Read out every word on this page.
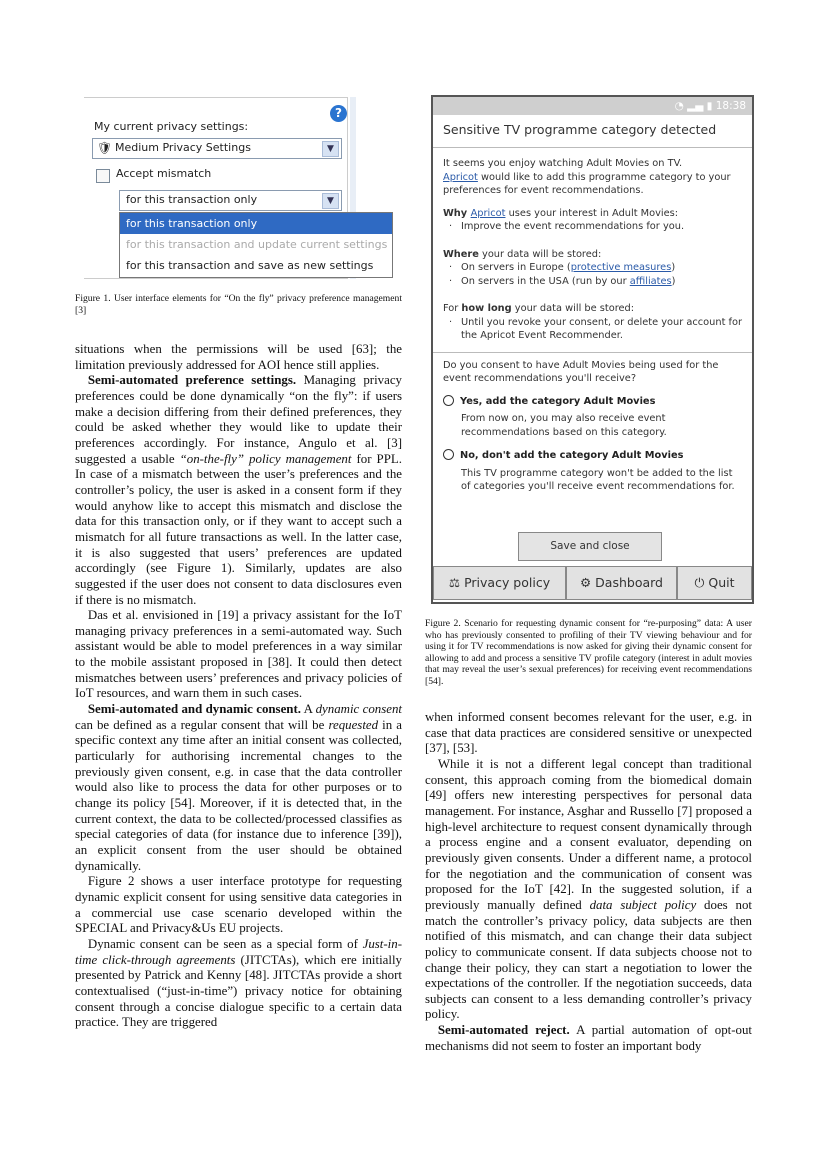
?
My current privacy settings:
🛡 Medium Privacy Settings	▼
Accept mismatch
for this transaction only	▼
for this transaction only
for this transaction and update current settings
for this transaction and save as new settings
Figure 1. User interface elements for “On the fly” privacy preference management [3]
◔ ▂▄ ▮ 18:38
Sensitive TV programme category detected
It seems you enjoy watching Adult Movies on TV.
Apricot would like to add this programme category to your preferences for event recommendations.
Why Apricot uses your interest in Adult Movies:
· Improve the event recommendations for you.
Where your data will be stored:
· On servers in Europe (protective measures)
· On servers in the USA (run by our affiliates)
For how long your data will be stored:
· Until you revoke your consent, or delete your account for the Apricot Event Recommender.
Do you consent to have Adult Movies being used for the event recommendations you'll receive?
Yes, add the category Adult Movies
From now on, you may also receive event recommendations based on this category.
No, don't add the category Adult Movies
This TV programme category won't be added to the list of categories you'll receive event recommendations for.
Save and close
⚖ Privacy policy	⚙ Dashboard	⏻ Quit
Figure 2. Scenario for requesting dynamic consent for “re-purposing” data: A user who has previously consented to profiling of their TV viewing behaviour and for using it for TV recommendations is now asked for giving their dynamic consent for allowing to add and process a sensitive TV profile category (interest in adult movies that may reveal the user’s sexual preferences) for receiving event recommendations [54].

situations when the permissions will be used [63]; the limitation previously addressed for AOI hence still applies.

Semi-automated preference settings. Managing privacy preferences could be done dynamically “on the fly”: if users make a decision differing from their defined preferences, they could be asked whether they would like to update their preferences accordingly. For instance, Angulo et al. [3] suggested a usable “on-the-fly” policy management for PPL. In case of a mismatch between the user’s preferences and the controller’s policy, the user is asked in a consent form if they would anyhow like to accept this mismatch and disclose the data for this transaction only, or if they want to accept such a mismatch for all future transactions as well. In the latter case, it is also suggested that users’ preferences are updated accordingly (see Figure 1). Similarly, updates are also suggested if the user does not consent to data disclosures even if there is no mismatch.

Das et al. envisioned in [19] a privacy assistant for the IoT managing privacy preferences in a semi-automated way. Such assistant would be able to model preferences in a way similar to the mobile assistant proposed in [38]. It could then detect mismatches between users’ preferences and privacy policies of IoT resources, and warn them in such cases.

Semi-automated and dynamic consent. A dynamic consent can be defined as a regular consent that will be requested in a specific context any time after an initial consent was collected, particularly for authorising incremental changes to the previously given consent, e.g. in case that the data controller would also like to process the data for other purposes or to change its policy [54]. Moreover, if it is detected that, in the current context, the data to be collected/processed classifies as special categories of data (for instance due to inference [39]), an explicit consent from the user should be obtained dynamically.

Figure 2 shows a user interface prototype for requesting dynamic explicit consent for using sensitive data categories in a commercial use case scenario developed within the SPECIAL and Privacy&Us EU projects.

Dynamic consent can be seen as a special form of Just-in-time click-through agreements (JITCTAs), which ere initially presented by Patrick and Kenny [48]. JITCTAs provide a short contextualised (“just-in-time”) privacy notice for obtaining consent through a concise dialogue specific to a certain data practice. They are triggered

when informed consent becomes relevant for the user, e.g. in case that data practices are considered sensitive or unexpected [37], [53].

While it is not a different legal concept than traditional consent, this approach coming from the biomedical domain [49] offers new interesting perspectives for personal data management. For instance, Asghar and Russello [7] proposed a high-level architecture to request consent dynamically through a process engine and a consent evaluator, depending on previously given consents. Under a different name, a protocol for the negotiation and the communication of consent was proposed for the IoT [42]. In the suggested solution, if a previously manually defined data subject policy does not match the controller’s privacy policy, data subjects are then notified of this mismatch, and can change their data subject policy to communicate consent. If data subjects choose not to change their policy, they can start a negotiation to lower the expectations of the controller. If the negotiation succeeds, data subjects can consent to a less demanding controller’s privacy policy.

Semi-automated reject. A partial automation of opt-out mechanisms did not seem to foster an important body
